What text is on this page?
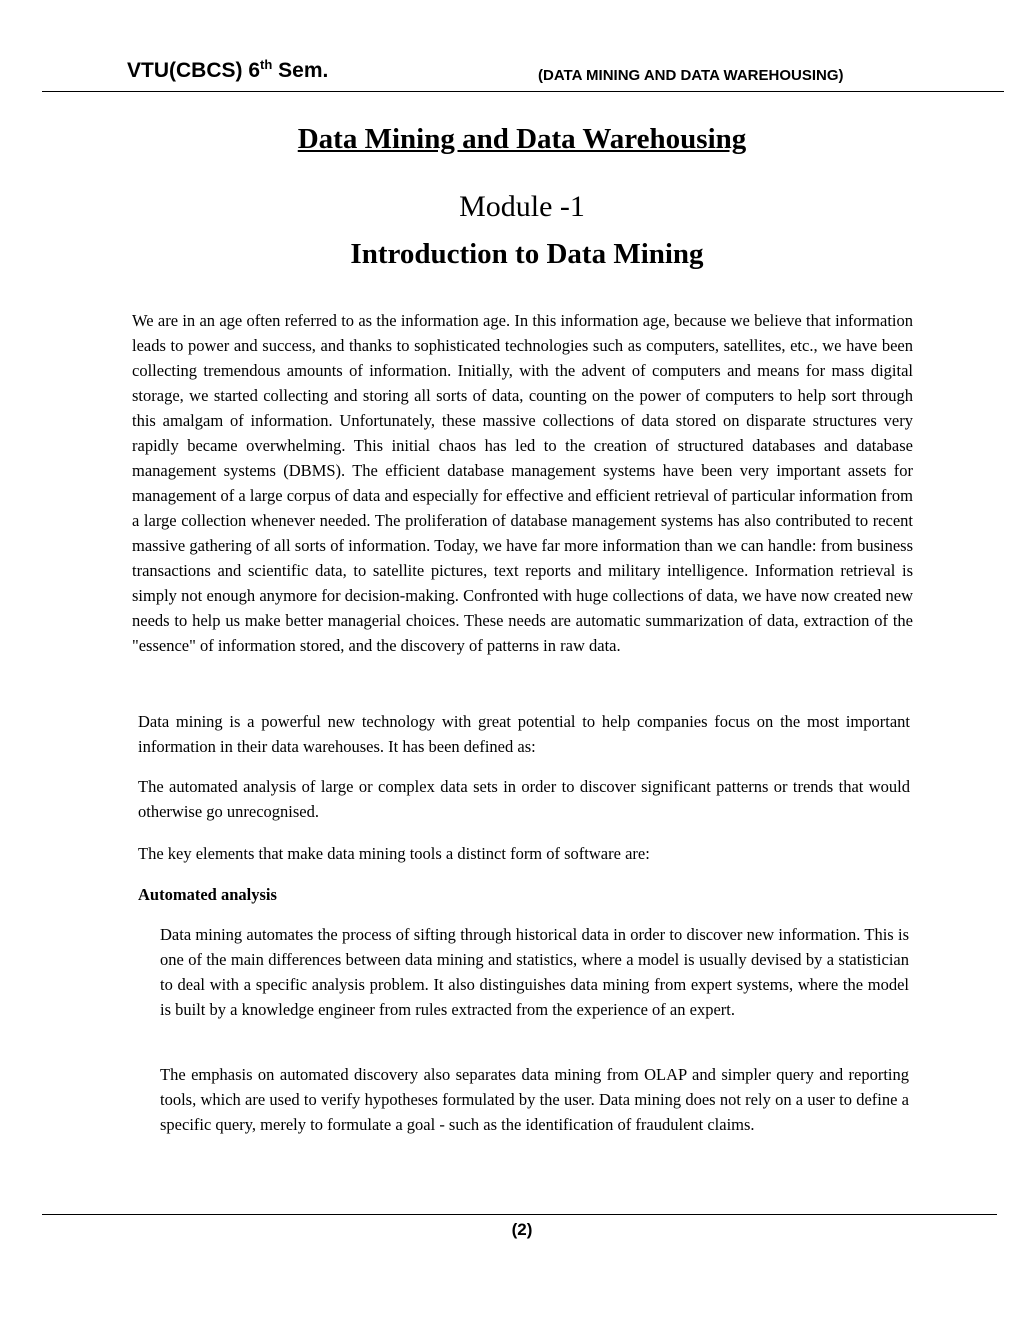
VTU(CBCS) 6th Sem.	(DATA MINING AND DATA WAREHOUSING)
Data Mining and Data Warehousing
Module -1
Introduction to Data Mining

We are in an age often referred to as the information age. In this information age, because we believe that information leads to power and success, and thanks to sophisticated technologies such as computers, satellites, etc., we have been collecting tremendous amounts of information. Initially, with the advent of computers and means for mass digital storage, we started collecting and storing all sorts of data, counting on the power of computers to help sort through this amalgam of information. Unfortunately, these massive collections of data stored on disparate structures very rapidly became overwhelming. This initial chaos has led to the creation of structured databases and database management systems (DBMS). The efficient database management systems have been very important assets for management of a large corpus of data and especially for effective and efficient retrieval of particular information from a large collection whenever needed. The proliferation of database management systems has also contributed to recent massive gathering of all sorts of information. Today, we have far more information than we can handle: from business transactions and scientific data, to satellite pictures, text reports and military intelligence. Information retrieval is simply not enough anymore for decision-making. Confronted with huge collections of data, we have now created new needs to help us make better managerial choices. These needs are automatic summarization of data, extraction of the "essence" of information stored, and the discovery of patterns in raw data.

Data mining is a powerful new technology with great potential to help companies focus on the most important information in their data warehouses. It has been defined as:

The automated analysis of large or complex data sets in order to discover significant patterns or trends that would otherwise go unrecognised.

The key elements that make data mining tools a distinct form of software are:

Automated analysis

Data mining automates the process of sifting through historical data in order to discover new information. This is one of the main differences between data mining and statistics, where a model is usually devised by a statistician to deal with a specific analysis problem. It also distinguishes data mining from expert systems, where the model is built by a knowledge engineer from rules extracted from the experience of an expert.

The emphasis on automated discovery also separates data mining from OLAP and simpler query and reporting tools, which are used to verify hypotheses formulated by the user. Data mining does not rely on a user to define a specific query, merely to formulate a goal - such as the identification of fraudulent claims.

(2)
